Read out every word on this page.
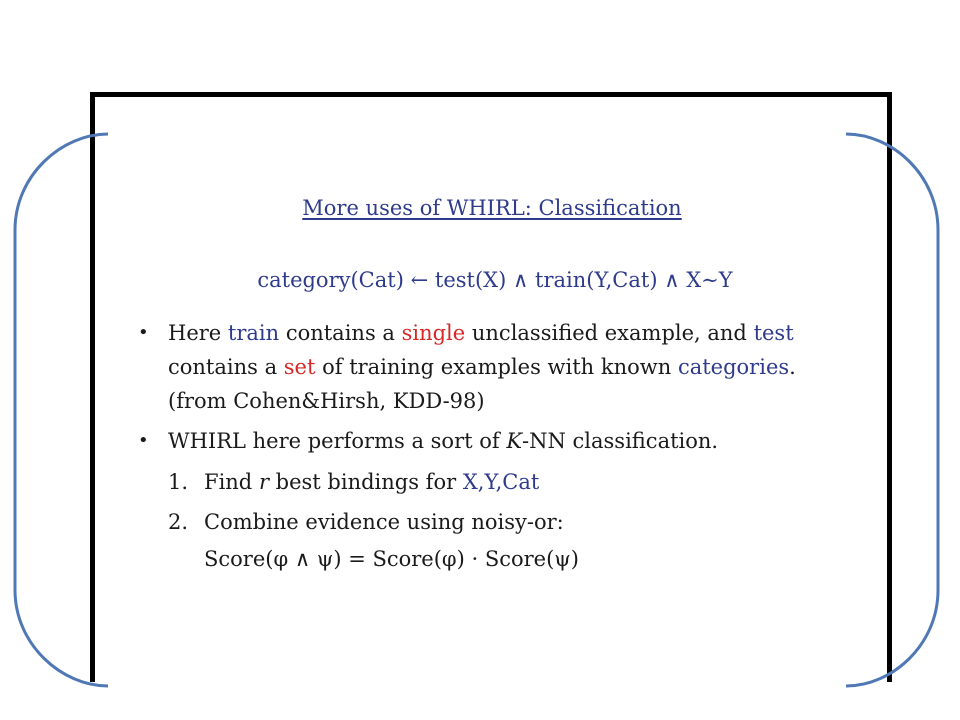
More uses of WHIRL: Classification
category(Cat) ← test(X) ∧ train(Y,Cat) ∧ X∼Y
• Here train contains a single unclassified example, and test
contains a set of training examples with known categories.
(from Cohen&Hirsh, KDD-98)
• WHIRL here performs a sort of K-NN classification.
1. Find r best bindings for X,Y,Cat
2. Combine evidence using noisy-or:
Score(φ ∧ ψ) = Score(φ) · Score(ψ)
